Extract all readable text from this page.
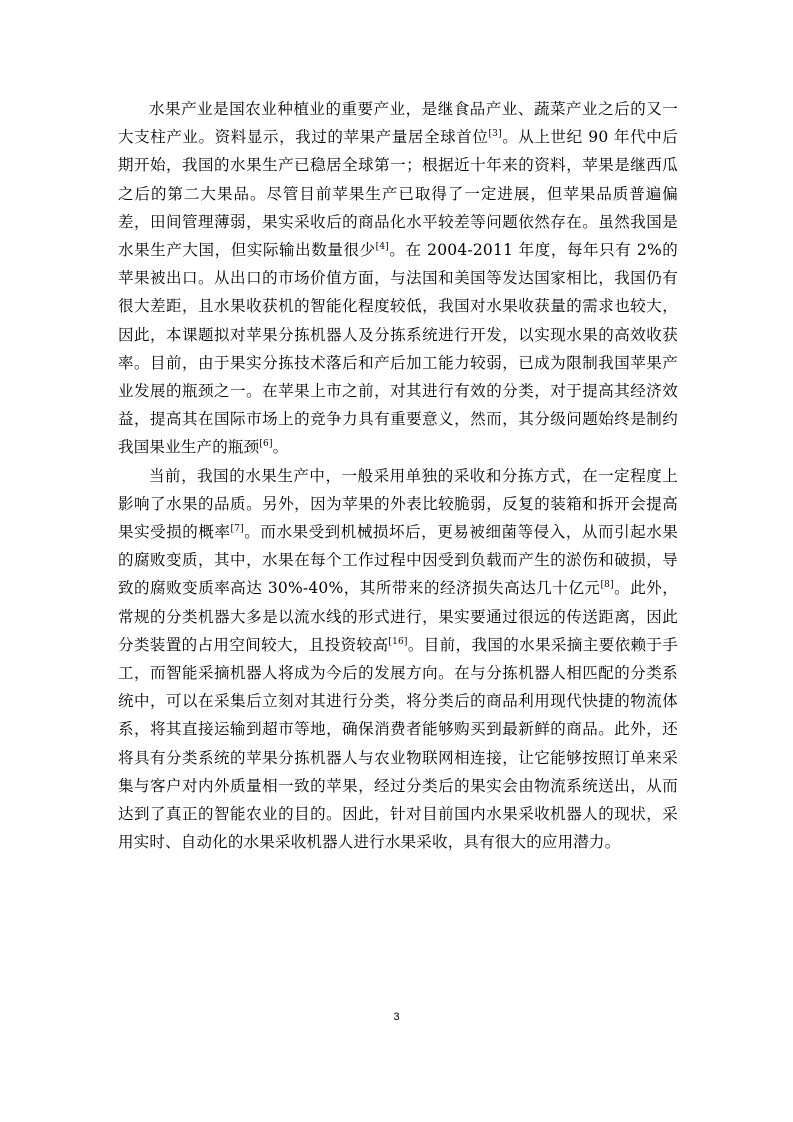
水果产业是国农业种植业的重要产业，是继食品产业、蔬菜产业之后的又一大支柱产业。资料显示，我过的苹果产量居全球首位[3]。从上世纪 90 年代中后期开始，我国的水果生产已稳居全球第一；根据近十年来的资料，苹果是继西瓜之后的第二大果品。尽管目前苹果生产已取得了一定进展，但苹果品质普遍偏差，田间管理薄弱，果实采收后的商品化水平较差等问题依然存在。虽然我国是水果生产大国，但实际输出数量很少[4]。在 2004-2011 年度，每年只有 2%的苹果被出口。从出口的市场价值方面，与法国和美国等发达国家相比，我国仍有很大差距，且水果收获机的智能化程度较低，我国对水果收获量的需求也较大，因此，本课题拟对苹果分拣机器人及分拣系统进行开发，以实现水果的高效收获率。目前，由于果实分拣技术落后和产后加工能力较弱，已成为限制我国苹果产业发展的瓶颈之一。在苹果上市之前，对其进行有效的分类，对于提高其经济效益，提高其在国际市场上的竞争力具有重要意义，然而，其分级问题始终是制约我国果业生产的瓶颈[6]。

当前，我国的水果生产中，一般采用单独的采收和分拣方式，在一定程度上影响了水果的品质。另外，因为苹果的外表比较脆弱，反复的装箱和拆开会提高果实受损的概率[7]。而水果受到机械损坏后，更易被细菌等侵入，从而引起水果的腐败变质，其中，水果在每个工作过程中因受到负载而产生的淤伤和破损，导致的腐败变质率高达 30%-40%，其所带来的经济损失高达几十亿元[8]。此外，常规的分类机器大多是以流水线的形式进行，果实要通过很远的传送距离，因此分类装置的占用空间较大，且投资较高[16]。目前，我国的水果采摘主要依赖于手工，而智能采摘机器人将成为今后的发展方向。在与分拣机器人相匹配的分类系统中，可以在采集后立刻对其进行分类，将分类后的商品利用现代快捷的物流体系，将其直接运输到超市等地，确保消费者能够购买到最新鲜的商品。此外，还将具有分类系统的苹果分拣机器人与农业物联网相连接，让它能够按照订单来采集与客户对内外质量相一致的苹果，经过分类后的果实会由物流系统送出，从而达到了真正的智能农业的目的。因此，针对目前国内水果采收机器人的现状，采用实时、自动化的水果采收机器人进行水果采收，具有很大的应用潜力。

3
